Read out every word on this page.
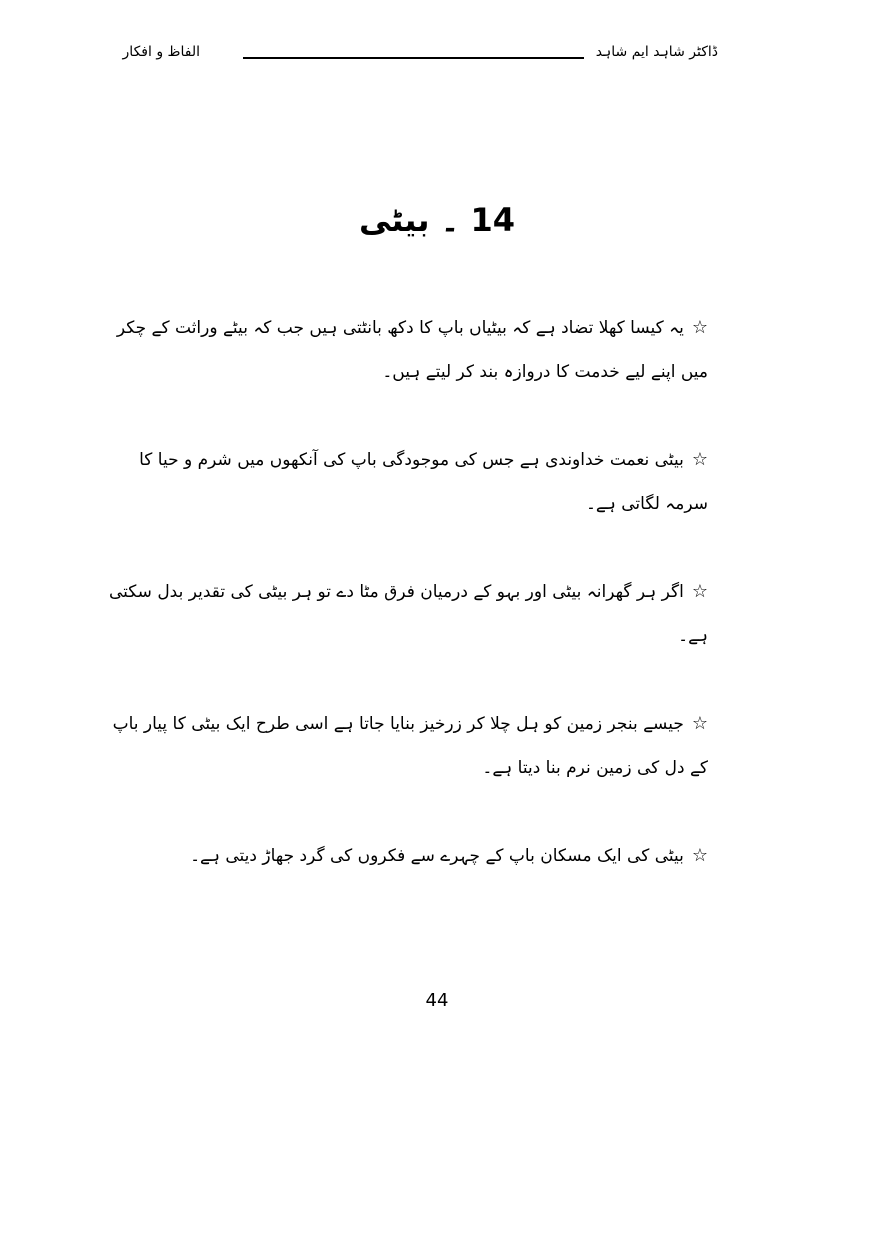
ڈاکٹر شاہد ایم شاہد
الفاظ و افکار
14 ۔ بیٹی

☆یہ کیسا کھلا تضاد ہے کہ بیٹیاں باپ کا دکھ بانٹتی ہیں جب کہ بیٹے وراثت کے چکر میں اپنے لیے خدمت کا دروازہ بند کر لیتے ہیں۔

☆بیٹی نعمت خداوندی ہے جس کی موجودگی باپ کی آنکھوں میں شرم و حیا کا سرمہ لگاتی ہے۔

☆اگر ہر گھرانہ بیٹی اور بہو کے درمیان فرق مٹا دے تو ہر بیٹی کی تقدیر بدل سکتی ہے۔

☆جیسے بنجر زمین کو ہل چلا کر زرخیز بنایا جاتا ہے اسی طرح ایک بیٹی کا پیار باپ کے دل کی زمین نرم بنا دیتا ہے۔

☆بیٹی کی ایک مسکان باپ کے چہرے سے فکروں کی گرد جھاڑ دیتی ہے۔

44
